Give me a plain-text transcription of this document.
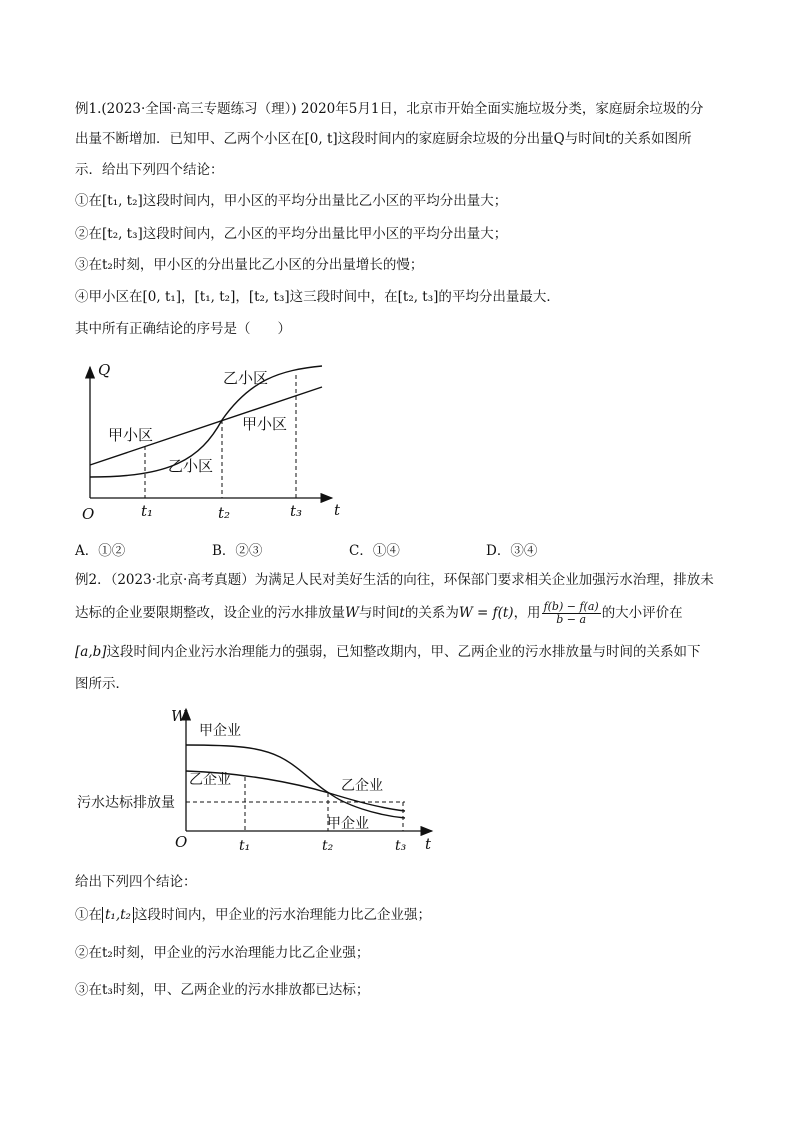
例1.(2023·全国·高三专题练习（理）) 2020年5月1日，北京市开始全面实施垃圾分类，家庭厨余垃圾的分
出量不断增加．已知甲、乙两个小区在[0, t]这段时间内的家庭厨余垃圾的分出量Q与时间t的关系如图所
示．给出下列四个结论：
①在[t₁, t₂]这段时间内，甲小区的平均分出量比乙小区的平均分出量大；
②在[t₂, t₃]这段时间内，乙小区的平均分出量比甲小区的平均分出量大；
③在t₂时刻，甲小区的分出量比乙小区的分出量增长的慢；
④甲小区在[0, t₁]，[t₁, t₂]，[t₂, t₃]这三段时间中，在[t₂, t₃]的平均分出量最大．
其中所有正确结论的序号是（　　）
Q
t
O	t₁	t₂	t₃
甲小区
甲小区
乙小区
乙小区
A．①②	B．②③	C．①④	D．③④
例2．（2023·北京·高考真题）为满足人民对美好生活的向往，环保部门要求相关企业加强污水治理，排放未
达标的企业要限期整改，设企业的污水排放量W与时间t的关系为W = f(t)，用 $\frac{f(b) - f(a)}{b - a}$ 的大小评价在
[a,b]这段时间内企业污水治理能力的强弱，已知整改期内，甲、乙两企业的污水排放量与时间的关系如下
图所示．
W
t
O	t₁	t₂	t₃
甲企业
乙企业	乙企业
甲企业
污水达标排放量
给出下列四个结论：
①在 t₁,t₂ 这段时间内，甲企业的污水治理能力比乙企业强；
②在t₂时刻，甲企业的污水治理能力比乙企业强；
③在t₃时刻，甲、乙两企业的污水排放都已达标；
